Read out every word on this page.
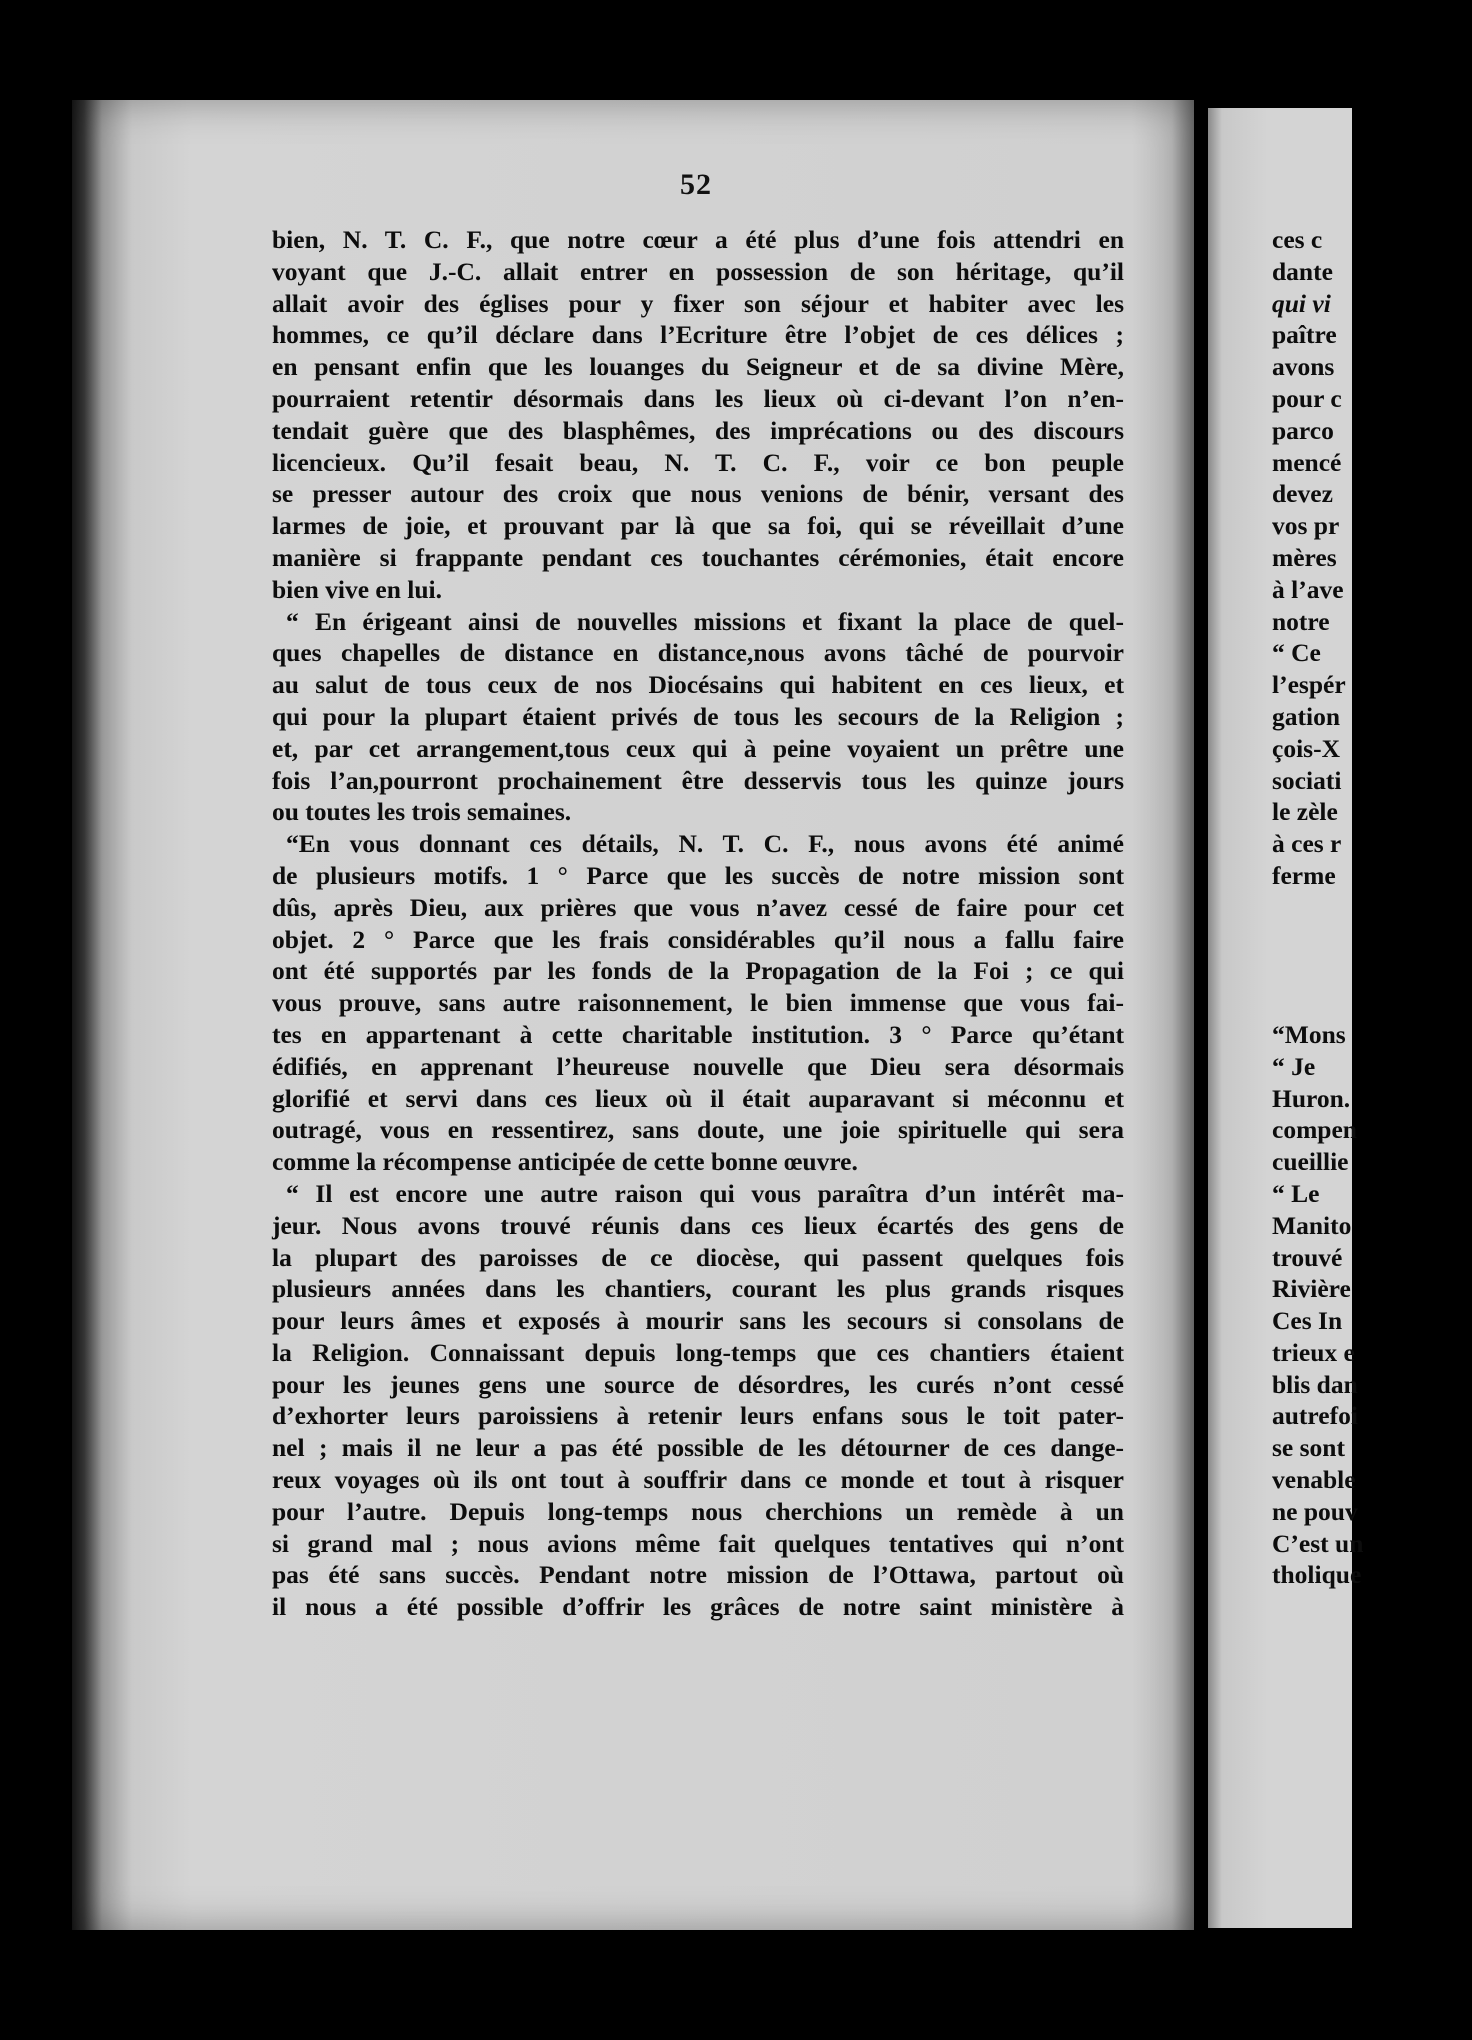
52
bien, N. T. C. F., que notre cœur a été plus d’une fois attendri en
voyant que J.-C. allait entrer en possession de son héritage, qu’il
allait avoir des églises pour y fixer son séjour et habiter avec les
hommes, ce qu’il déclare dans l’Ecriture être l’objet de ces délices ;
en pensant enfin que les louanges du Seigneur et de sa divine Mère,
pourraient retentir désormais dans les lieux où ci-devant l’on n’en-
tendait guère que des blasphêmes, des imprécations ou des discours
licencieux. Qu’il fesait beau, N. T. C. F., voir ce bon peuple
se presser autour des croix que nous venions de bénir, versant des
larmes de joie, et prouvant par là que sa foi, qui se réveillait d’une
manière si frappante pendant ces touchantes cérémonies, était encore
bien vive en lui.
“ En érigeant ainsi de nouvelles missions et fixant la place de quel-
ques chapelles de distance en distance,nous avons tâché de pourvoir
au salut de tous ceux de nos Diocésains qui habitent en ces lieux, et
qui pour la plupart étaient privés de tous les secours de la Religion ;
et, par cet arrangement,tous ceux qui à peine voyaient un prêtre une
fois l’an,pourront prochainement être desservis tous les quinze jours
ou toutes les trois semaines.
“En vous donnant ces détails, N. T. C. F., nous avons été animé
de plusieurs motifs. 1 ° Parce que les succès de notre mission sont
dûs, après Dieu, aux prières que vous n’avez cessé de faire pour cet
objet. 2 ° Parce que les frais considérables qu’il nous a fallu faire
ont été supportés par les fonds de la Propagation de la Foi ; ce qui
vous prouve, sans autre raisonnement, le bien immense que vous fai-
tes en appartenant à cette charitable institution. 3 ° Parce qu’étant
édifiés, en apprenant l’heureuse nouvelle que Dieu sera désormais
glorifié et servi dans ces lieux où il était auparavant si méconnu et
outragé, vous en ressentirez, sans doute, une joie spirituelle qui sera
comme la récompense anticipée de cette bonne œuvre.
“ Il est encore une autre raison qui vous paraîtra d’un intérêt ma-
jeur. Nous avons trouvé réunis dans ces lieux écartés des gens de
la plupart des paroisses de ce diocèse, qui passent quelques fois
plusieurs années dans les chantiers, courant les plus grands risques
pour leurs âmes et exposés à mourir sans les secours si consolans de
la Religion. Connaissant depuis long-temps que ces chantiers étaient
pour les jeunes gens une source de désordres, les curés n’ont cessé
d’exhorter leurs paroissiens à retenir leurs enfans sous le toit pater-
nel ; mais il ne leur a pas été possible de les détourner de ces dange-
reux voyages où ils ont tout à souffrir dans ce monde et tout à risquer
pour l’autre. Depuis long-temps nous cherchions un remède à un
si grand mal ; nous avions même fait quelques tentatives qui n’ont
pas été sans succès. Pendant notre mission de l’Ottawa, partout où
il nous a été possible d’offrir les grâces de notre saint ministère à
ces c
dante
qui vi
paître
avons
pour c
parco
mencé
devez
vos pr
mères
à l’ave
notre
“ Ce
l’espér
gation
çois-X
sociati
le zèle
à ces r
ferme
“Mons
“ Je
Huron.
compen
cueillie
“ Le
Manito
trouvé
Rivière
Ces In
trieux e
blis dan
autrefoi
se sont
venable
ne pouv
C’est un
tholique
